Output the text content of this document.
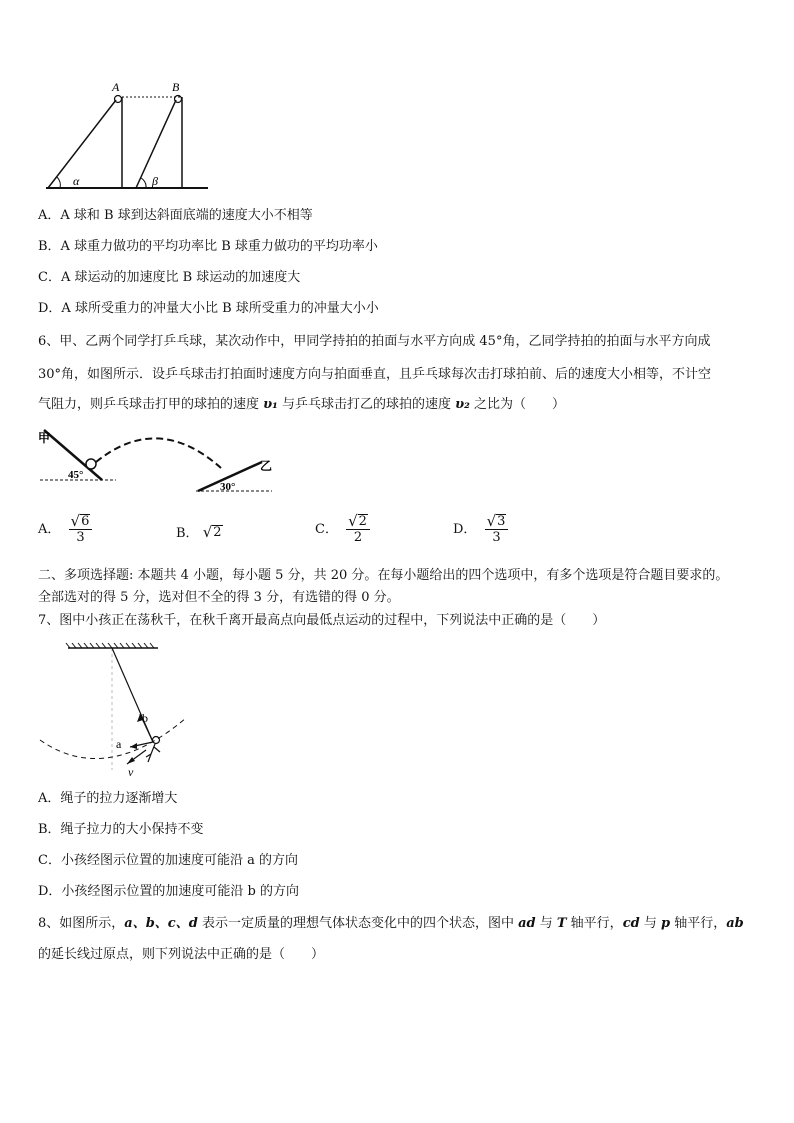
A	B
α	β
A．A 球和 B 球到达斜面底端的速度大小不相等
B．A 球重力做功的平均功率比 B 球重力做功的平均功率小
C．A 球运动的加速度比 B 球运动的加速度大
D．A 球所受重力的冲量大小比 B 球所受重力的冲量大小小
6、甲、乙两个同学打乒乓球，某次动作中，甲同学持拍的拍面与水平方向成 45°角，乙同学持拍的拍面与水平方向成
30°角，如图所示．设乒乓球击打拍面时速度方向与拍面垂直，且乒乓球每次击打球拍前、后的速度大小相等，不计空
气阻力，则乒乓球击打甲的球拍的速度 υ₁ 与乒乓球击打乙的球拍的速度 υ₂ 之比为（　　）
甲
乙
45°
30°
A． $\frac{√ 6}{3}$	B． √ 2	C． $\frac{√ 2}{2}$	D． $\frac{√ 3}{3}$
二、多项选择题: 本题共 4 小题，每小题 5 分，共 20 分。在每小题给出的四个选项中，有多个选项是符合题目要求的。
全部选对的得 5 分，选对但不全的得 3 分，有选错的得 0 分。
7、图中小孩正在荡秋千，在秋千离开最高点向最低点运动的过程中，下列说法中正确的是（　　）
b
a
v
A．绳子的拉力逐渐增大
B．绳子拉力的大小保持不变
C．小孩经图示位置的加速度可能沿 a 的方向
D．小孩经图示位置的加速度可能沿 b 的方向
8、如图所示，a、b、c、d 表示一定质量的理想气体状态变化中的四个状态，图中 ad 与 T 轴平行，cd 与 p 轴平行，ab
的延长线过原点，则下列说法中正确的是（　　）
